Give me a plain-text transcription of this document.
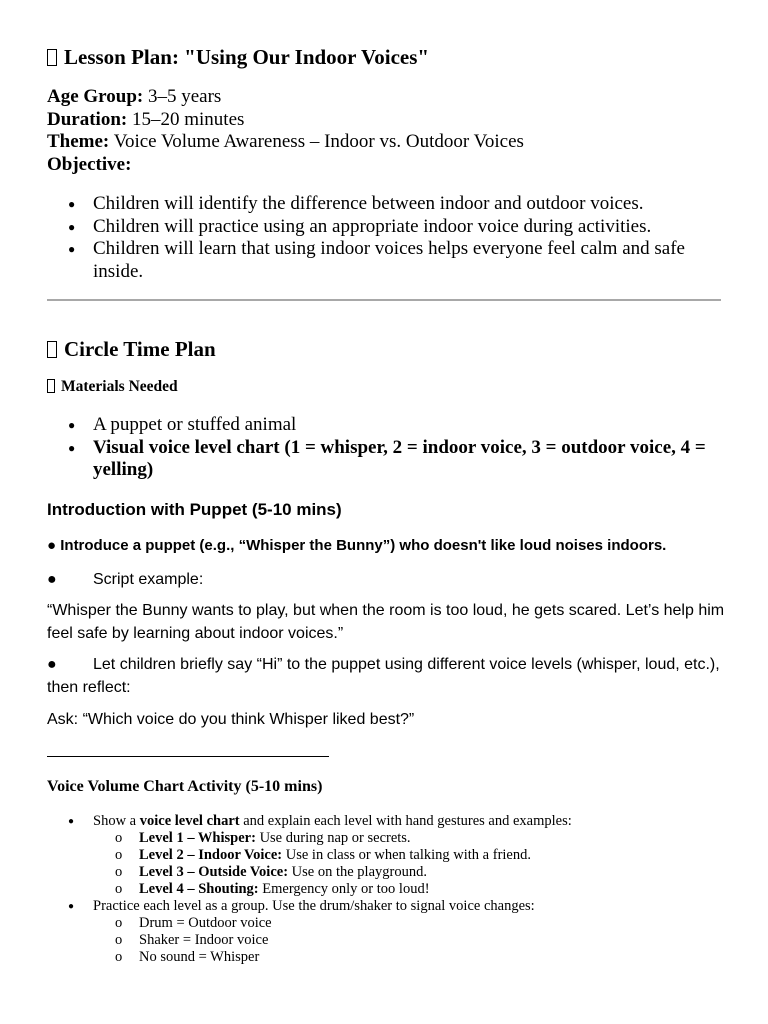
Lesson Plan: "Using Our Indoor Voices"
Age Group: 3–5 years
Duration: 15–20 minutes
Theme: Voice Volume Awareness – Indoor vs. Outdoor Voices
Objective:
● Children will identify the difference between indoor and outdoor voices.
● Children will practice using an appropriate indoor voice during activities.
● Children will learn that using indoor voices helps everyone feel calm and safe inside.
Circle Time Plan
Materials Needed
● A puppet or stuffed animal
● Visual voice level chart (1 = whisper, 2 = indoor voice, 3 = outdoor voice, 4 = yelling)

Introduction with Puppet (5-10 mins)

● Introduce a puppet (e.g., “Whisper the Bunny”) who doesn't like loud noises indoors.

● Script example:

“Whisper the Bunny wants to play, but when the room is too loud, he gets scared. Let’s help him feel safe by learning about indoor voices.”

● Let children briefly say “Hi” to the puppet using different voice levels (whisper, loud, etc.), then reflect:

Ask: “Which voice do you think Whisper liked best?”

Voice Volume Chart Activity (5-10 mins)
● Show a voice level chart and explain each level with hand gestures and examples:
o Level 1 – Whisper: Use during nap or secrets.
o Level 2 – Indoor Voice: Use in class or when talking with a friend.
o Level 3 – Outside Voice: Use on the playground.
o Level 4 – Shouting: Emergency only or too loud!
● Practice each level as a group. Use the drum/shaker to signal voice changes:
o Drum = Outdoor voice
o Shaker = Indoor voice
o No sound = Whisper
